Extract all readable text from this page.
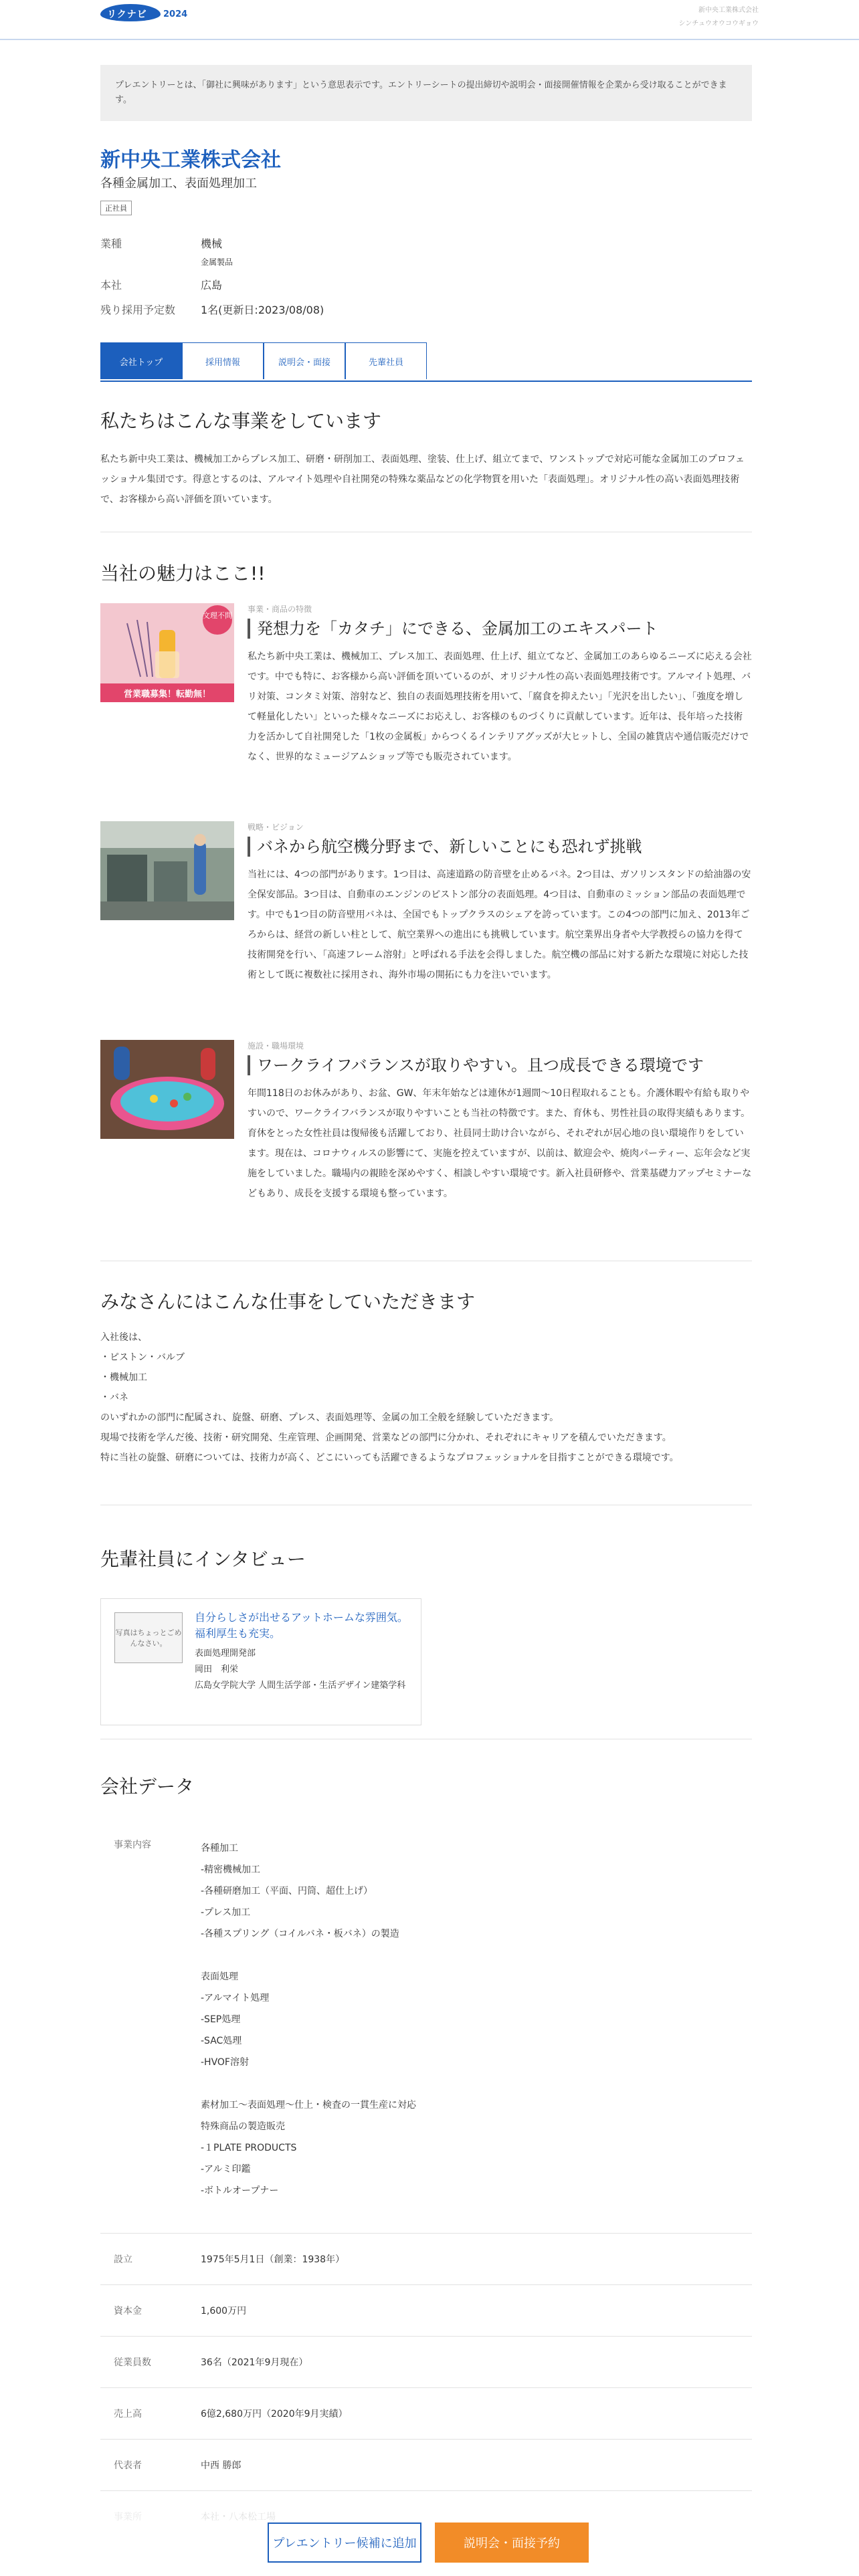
リクナビ 2024	新中央工業株式会社
シンチュウオウコウギョウ

プレエントリーとは、「御社に興味があります」という意思表示です。エントリーシートの提出締切や説明会・面接開催情報を企業から受け取ることができます。

新中央工業株式会社
各種金属加工、表面処理加工
正社員
業種	機械
金属製品
本社	広島
残り採用予定数	1名(更新日:2023/08/08)
会社トップ	採用情報	説明会・面接	先輩社員
私たちはこんな事業をしています
私たち新中央工業は、機械加工からプレス加工、研磨・研削加工、表面処理、塗装、仕上げ、組立てまで、ワンストップで対応可能な金属加工のプロフェッショナル集団です。得意とするのは、アルマイト処理や自社開発の特殊な薬品などの化学物質を用いた「表面処理」。オリジナル性の高い表面処理技術で、お客様から高い評価を頂いています。
当社の魅力はここ!!
文理不問
営業職募集！転勤無！
事業・商品の特徴
発想力を「カタチ」にできる、金属加工のエキスパート
私たち新中央工業は、機械加工、プレス加工、表面処理、仕上げ、組立てなど、金属加工のあらゆるニーズに応える会社です。中でも特に、お客様から高い評価を頂いているのが、オリジナル性の高い表面処理技術です。アルマイト処理、バリ対策、コンタミ対策、溶射など、独自の表面処理技術を用いて、「腐食を抑えたい」「光沢を出したい」、「強度を増して軽量化したい」といった様々なニーズにお応えし、お客様のものづくりに貢献しています。近年は、長年培った技術力を活かして自社開発した「1枚の金属板」からつくるインテリアグッズが大ヒットし、全国の雑貨店や通信販売だけでなく、世界的なミュージアムショップ等でも販売されています。
戦略・ビジョン
バネから航空機分野まで、新しいことにも恐れず挑戦
当社には、4つの部門があります。1つ目は、高速道路の防音壁を止めるバネ。2つ目は、ガソリンスタンドの給油器の安全保安部品。3つ目は、自動車のエンジンのピストン部分の表面処理。4つ目は、自動車のミッション部品の表面処理です。中でも1つ目の防音壁用バネは、全国でもトップクラスのシェアを誇っています。この4つの部門に加え、2013年ごろからは、経営の新しい柱として、航空業界への進出にも挑戦しています。航空業界出身者や大学教授らの協力を得て技術開発を行い、「高速フレーム溶射」と呼ばれる手法を会得しました。航空機の部品に対する新たな環境に対応した技術として既に複数社に採用され、海外市場の開拓にも力を注いでいます。
施設・職場環境
ワークライフバランスが取りやすい。且つ成長できる環境です
年間118日のお休みがあり、お盆、GW、年末年始などは連休が1週間〜10日程取れることも。介護休暇や有給も取りやすいので、ワークライフバランスが取りやすいことも当社の特徴です。また、育休も、男性社員の取得実績もあります。育休をとった女性社員は復帰後も活躍しており、社員同士助け合いながら、それぞれが居心地の良い環境作りをしています。現在は、コロナウィルスの影響にて、実施を控えていますが、以前は、歓迎会や、焼肉パーティー、忘年会など実施をしていました。職場内の親睦を深めやすく、相談しやすい環境です。新入社員研修や、営業基礎力アップセミナーなどもあり、成長を支援する環境も整っています。
みなさんにはこんな仕事をしていただきます
入社後は、
・ピストン・バルブ
・機械加工
・バネ
のいずれかの部門に配属され、旋盤、研磨、プレス、表面処理等、金属の加工全般を経験していただきます。
現場で技術を学んだ後、技術・研究開発、生産管理、企画開発、営業などの部門に分かれ、それぞれにキャリアを積んでいただきます。
特に当社の旋盤、研磨については、技術力が高く、どこにいっても活躍できるようなプロフェッショナルを目指すことができる環境です。
先輩社員にインタビュー
写真はちょっとごめんなさい。
自分らしさが出せるアットホームな雰囲気。福利厚生も充実。
表面処理開発部
岡田　利栄
広島女学院大学 人間生活学部・生活デザイン建築学科
会社データ
事業内容	各種加工
-精密機械加工
-各種研磨加工（平面、円筒、超仕上げ）
-プレス加工
-各種スプリング（コイルバネ・板バネ）の製造
表面処理
-アルマイト処理
-SEP処理
-SAC処理
-HVOF溶射
素材加工〜表面処理〜仕上・検査の一貫生産に対応
特殊商品の製造販売
-１PLATE PRODUCTS
-アルミ印鑑
-ボトルオープナー
設立	1975年5月1日（創業：1938年）
資本金	1,600万円
従業員数	36名（2021年9月現在）
売上高	6億2,680万円（2020年9月実績）
代表者	中西 勝郎
プレエントリー候補に追加	説明会・面接予約
